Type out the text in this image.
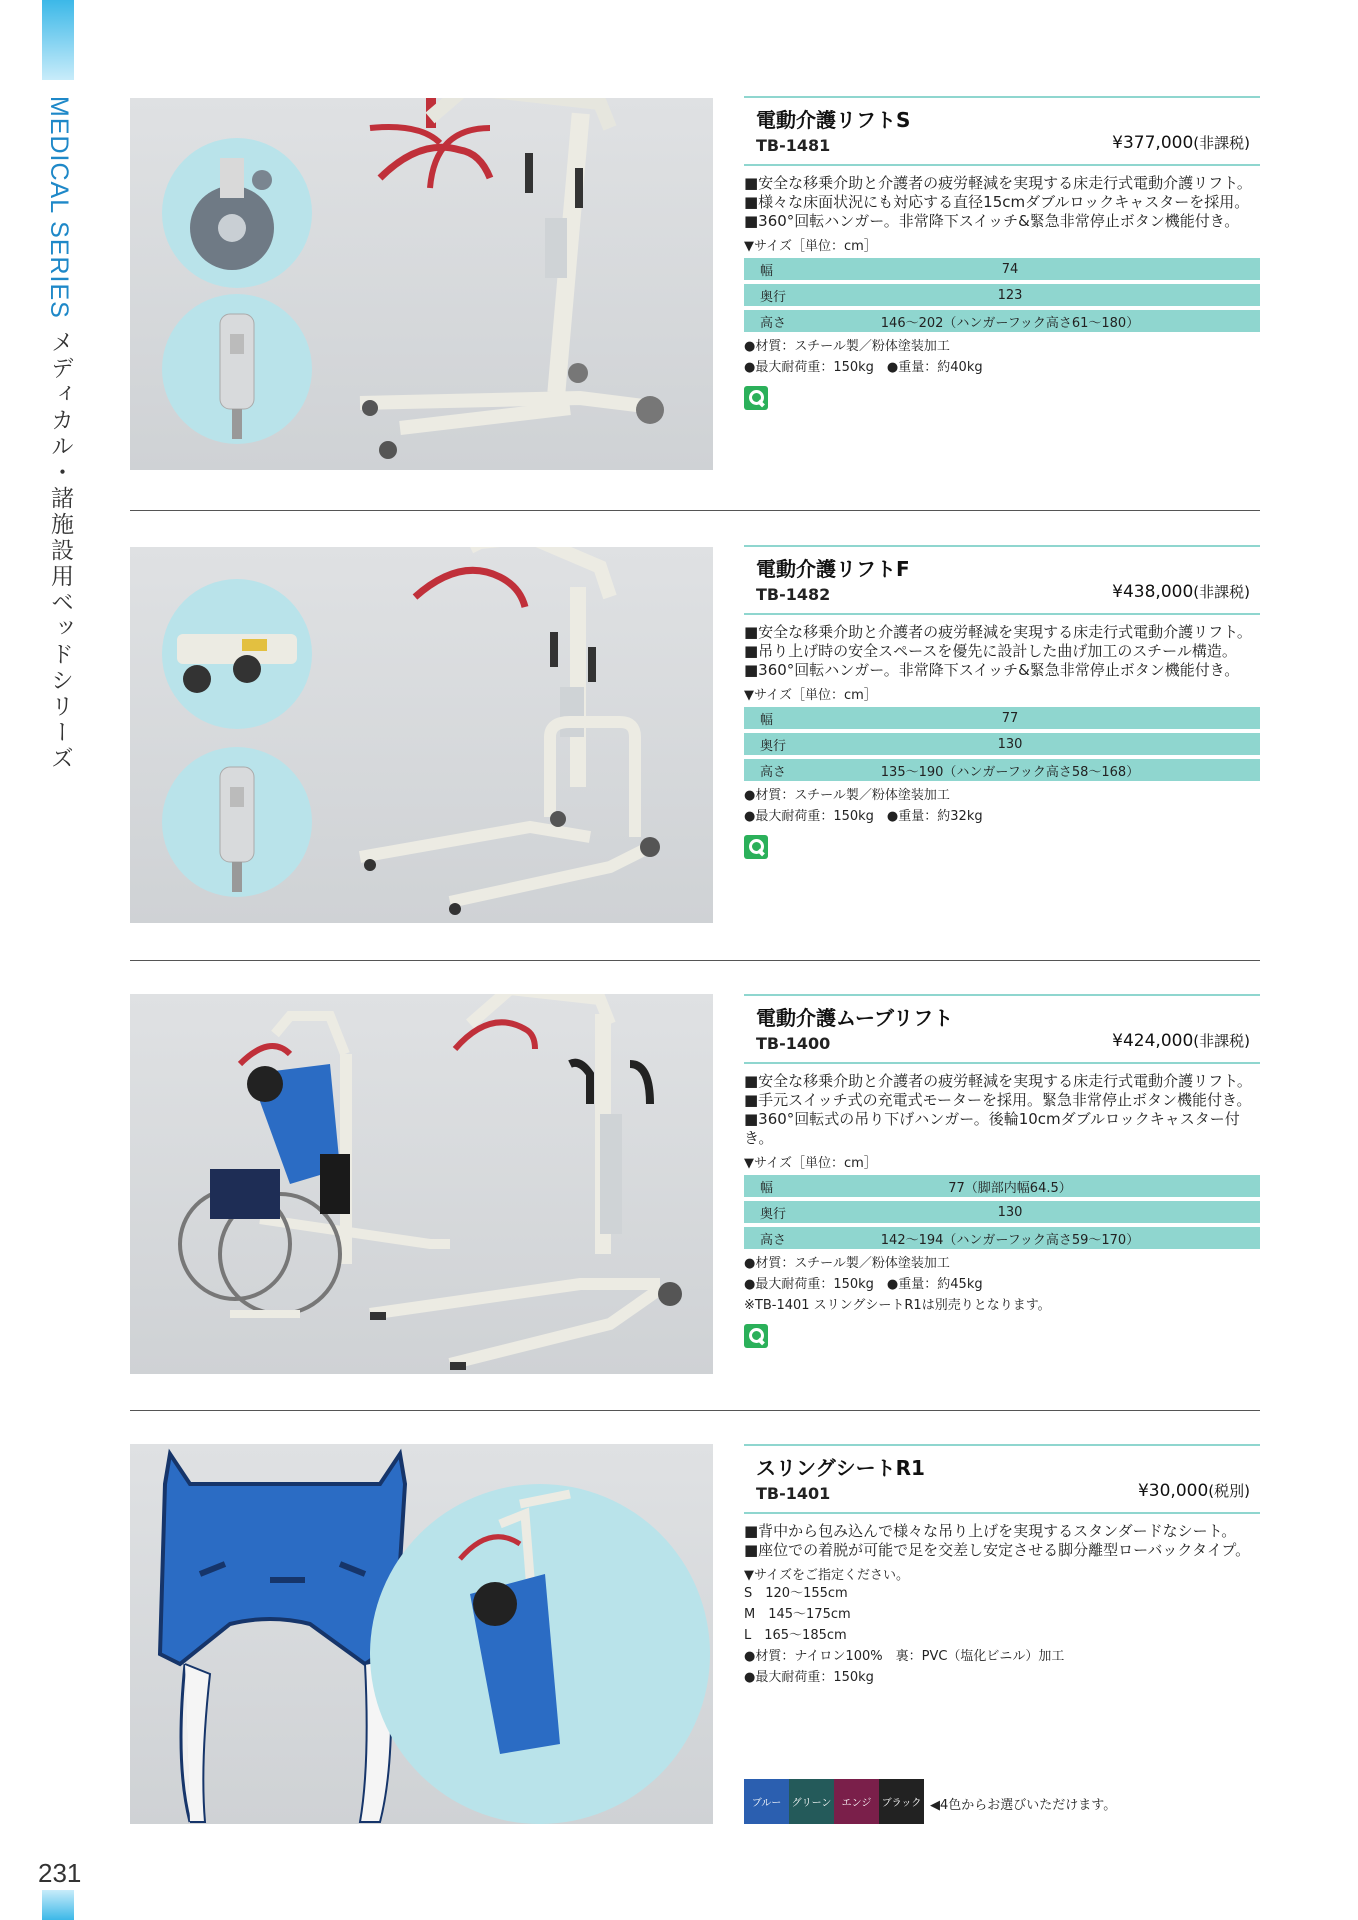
MEDICAL SERIES
メディカル・諸施設用ベッドシリーズ
231
電動介護リフトS
TB-1481	¥377,000(非課税)
■安全な移乗介助と介護者の疲労軽減を実現する床走行式電動介護リフト。
■様々な床面状況にも対応する直径15cmダブルロックキャスターを採用。
■360°回転ハンガー。非常降下スイッチ&緊急非常停止ボタン機能付き。
▼サイズ［単位：cm］
幅	74
奥行	123
高さ	146〜202（ハンガーフック高さ61〜180）
●材質：スチール製／粉体塗装加工
●最大耐荷重：150kg　●重量：約40kg
電動介護リフトF
TB-1482	¥438,000(非課税)
■安全な移乗介助と介護者の疲労軽減を実現する床走行式電動介護リフト。
■吊り上げ時の安全スペースを優先に設計した曲げ加工のスチール構造。
■360°回転ハンガー。非常降下スイッチ&緊急非常停止ボタン機能付き。
▼サイズ［単位：cm］
幅	77
奥行	130
高さ	135〜190（ハンガーフック高さ58〜168）
●材質：スチール製／粉体塗装加工
●最大耐荷重：150kg　●重量：約32kg
電動介護ムーブリフト
TB-1400	¥424,000(非課税)
■安全な移乗介助と介護者の疲労軽減を実現する床走行式電動介護リフト。
■手元スイッチ式の充電式モーターを採用。緊急非常停止ボタン機能付き。
■360°回転式の吊り下げハンガー。後輪10cmダブルロックキャスター付き。
▼サイズ［単位：cm］
幅	77（脚部内幅64.5）
奥行	130
高さ	142〜194（ハンガーフック高さ59〜170）
●材質：スチール製／粉体塗装加工
●最大耐荷重：150kg　●重量：約45kg
※TB-1401 スリングシートR1は別売りとなります。
スリングシートR1
TB-1401	¥30,000(税別)
■背中から包み込んで様々な吊り上げを実現するスタンダードなシート。
■座位での着脱が可能で足を交差し安定させる脚分離型ローバックタイプ。
▼サイズをご指定ください。
S　120〜155cm
M　145〜175cm
L　165〜185cm
●材質：ナイロン100%　裏：PVC（塩化ビニル）加工
●最大耐荷重：150kg
ブルー	グリーン	エンジ	ブラック ◀4色からお選びいただけます。
